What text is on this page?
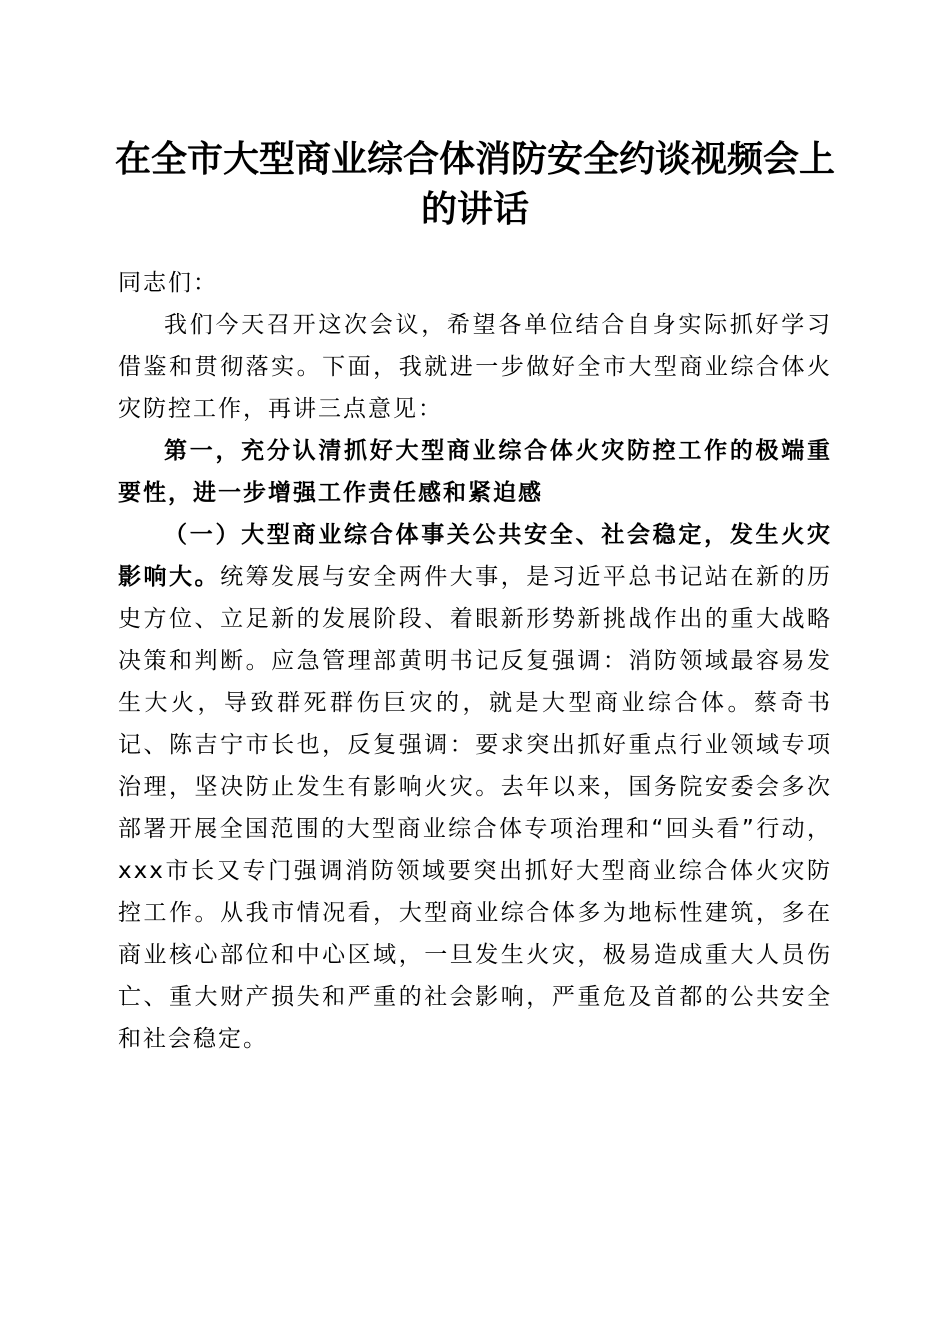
在全市大型商业综合体消防安全约谈视频会上的讲话

同志们：

我们今天召开这次会议，希望各单位结合自身实际抓好学习借鉴和贯彻落实。下面，我就进一步做好全市大型商业综合体火灾防控工作，再讲三点意见：

第一，充分认清抓好大型商业综合体火灾防控工作的极端重要性，进一步增强工作责任感和紧迫感

（一）大型商业综合体事关公共安全、社会稳定，发生火灾影响大。统筹发展与安全两件大事，是习近平总书记站在新的历史方位、立足新的发展阶段、着眼新形势新挑战作出的重大战略决策和判断。应急管理部黄明书记反复强调：消防领域最容易发生大火，导致群死群伤巨灾的，就是大型商业综合体。蔡奇书记、陈吉宁市长也，反复强调：要求突出抓好重点行业领域专项治理，坚决防止发生有影响火灾。去年以来，国务院安委会多次部署开展全国范围的大型商业综合体专项治理和“回头看”行动，xxx市长又专门强调消防领域要突出抓好大型商业综合体火灾防控工作。从我市情况看，大型商业综合体多为地标性建筑，多在商业核心部位和中心区域，一旦发生火灾，极易造成重大人员伤亡、重大财产损失和严重的社会影响，严重危及首都的公共安全和社会稳定。
